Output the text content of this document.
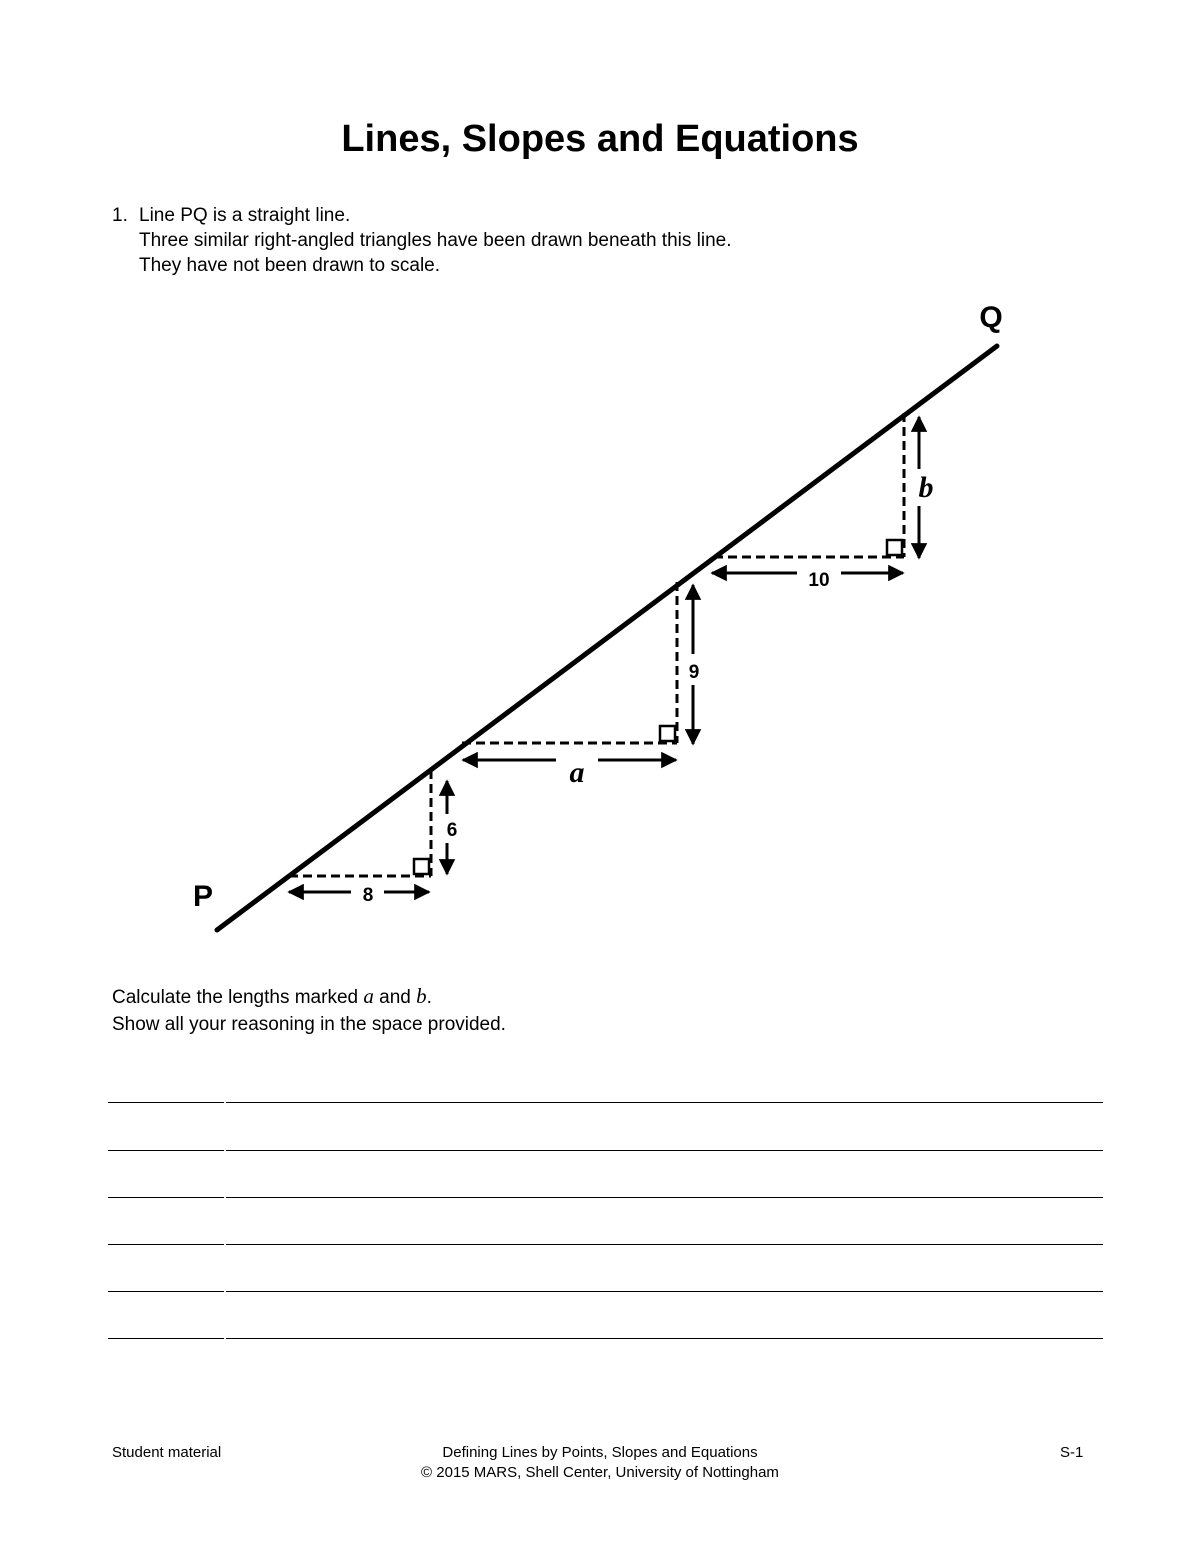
Lines, Slopes and Equations
1. Line PQ is a straight line.
Three similar right-angled triangles have been drawn beneath this line.
They have not been drawn to scale.
8
6
a
9
10
b
P
Q
Calculate the lengths marked a and b.
Show all your reasoning in the space provided.
Student material	Defining Lines by Points, Slopes and Equations
© 2015 MARS, Shell Center, University of Nottingham
S-1
